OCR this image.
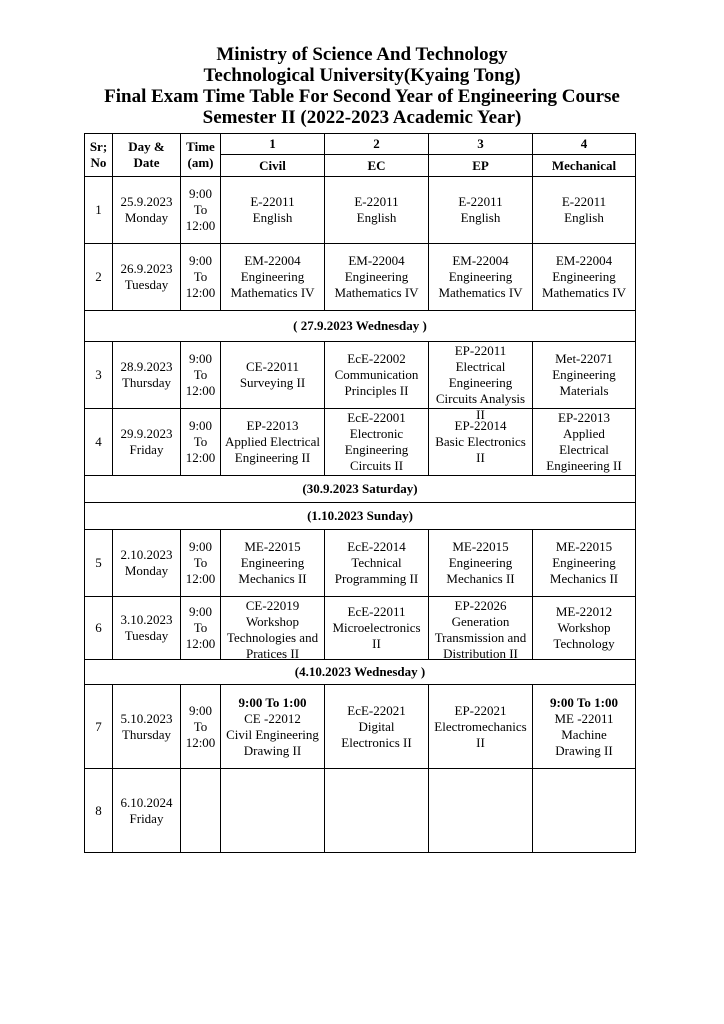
Ministry of Science And Technology
Technological University(Kyaing Tong)
Final Exam Time Table For Second Year of Engineering Course
Semester II (2022-2023 Academic Year)
Sr;
No	Day &
Date	Time
(am)	1	2	3	4
			Civil	EC	EP	Mechanical
1	25.9.2023
Monday	9:00
To
12:00	E-22011
English	E-22011
English	E-22011
English	E-22011
English

2	26.9.2023
Tuesday	9:00
To
12:00	EM-22004
Engineering
Mathematics IV	EM-22004
Engineering
Mathematics IV	EM-22004
Engineering
Mathematics IV	EM-22004
Engineering
Mathematics IV

( 27.9.2023 Wednesday )						
3	28.9.2023
Thursday	9:00
To
12:00	CE-22011
Surveying II	EcE-22002
Communication
Principles II	EP-22011
Electrical
Engineering
Circuits Analysis
II	Met-22071
Engineering
Materials

4	29.9.2023
Friday	9:00
To
12:00	EP-22013
Applied Electrical
Engineering II	EcE-22001
Electronic
Engineering
Circuits II	EP-22014
Basic Electronics
II	EP-22013
Applied
Electrical
Engineering II

(30.9.2023 Saturday)						
(1.10.2023 Sunday)						
5	2.10.2023
Monday	9:00
To
12:00	ME-22015
Engineering
Mechanics II	EcE-22014
Technical
Programming II	ME-22015
Engineering
Mechanics II	ME-22015
Engineering
Mechanics II

6	3.10.2023
Tuesday	9:00
To
12:00	CE-22019
Workshop
Technologies and
Pratices II	EcE-22011
Microelectronics
II	EP-22026
Generation
Transmission and
Distribution II	ME-22012
Workshop
Technology

(4.10.2023 Wednesday )						
7	5.10.2023
Thursday	9:00
To
12:00	9:00 To 1:00
CE -22012
Civil Engineering
Drawing II	EcE-22021
Digital
Electronics II	EP-22021
Electromechanics
II	9:00 To 1:00
ME -22011
Machine
Drawing II

8	6.10.2024
Friday					
